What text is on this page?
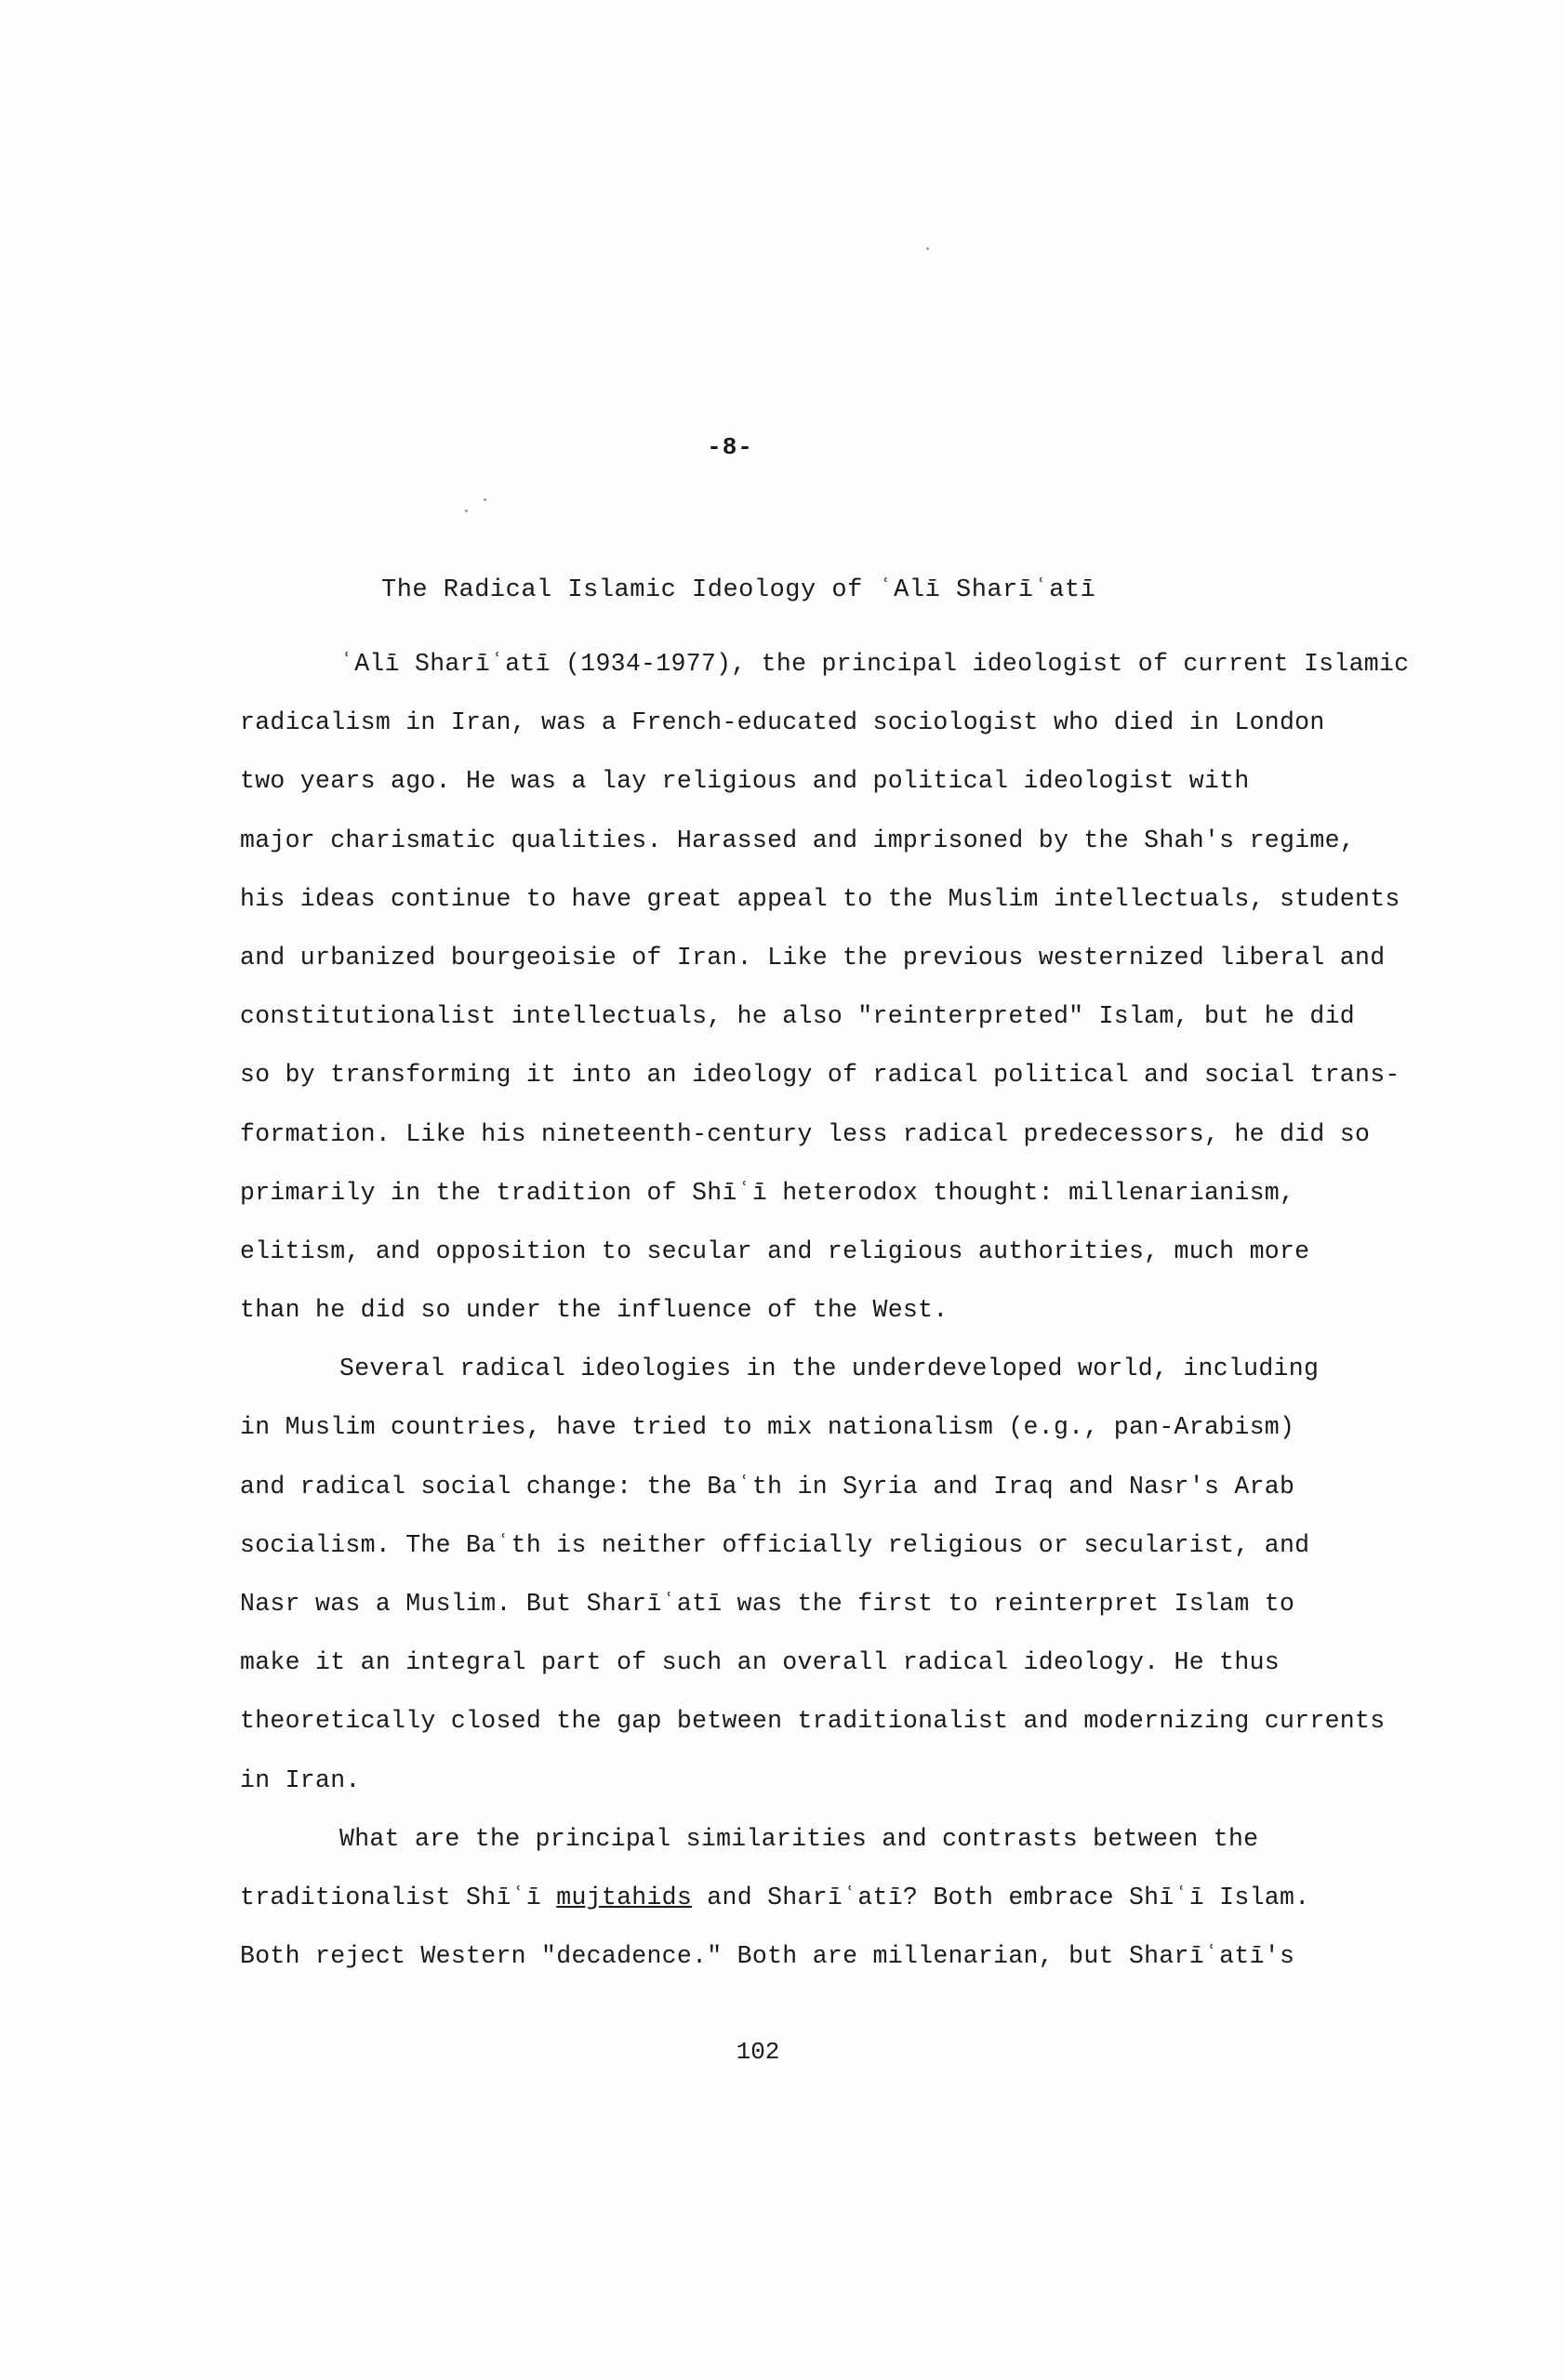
-8-
The Radical Islamic Ideology of ʿAlī Sharīʿatī
ʿAlī Sharīʿatī (1934-1977), the principal ideologist of current Islamic
radicalism in Iran, was a French-educated sociologist who died in London
two years ago. He was a lay religious and political ideologist with
major charismatic qualities. Harassed and imprisoned by the Shah's regime,
his ideas continue to have great appeal to the Muslim intellectuals, students
and urbanized bourgeoisie of Iran. Like the previous westernized liberal and
constitutionalist intellectuals, he also "reinterpreted" Islam, but he did
so by transforming it into an ideology of radical political and social trans-
formation. Like his nineteenth-century less radical predecessors, he did so
primarily in the tradition of Shīʿī heterodox thought: millenarianism,
elitism, and opposition to secular and religious authorities, much more
than he did so under the influence of the West.
Several radical ideologies in the underdeveloped world, including
in Muslim countries, have tried to mix nationalism (e.g., pan-Arabism)
and radical social change: the Baʿth in Syria and Iraq and Nasr's Arab
socialism. The Baʿth is neither officially religious or secularist, and
Nasr was a Muslim. But Sharīʿatī was the first to reinterpret Islam to
make it an integral part of such an overall radical ideology. He thus
theoretically closed the gap between traditionalist and modernizing currents
in Iran.
What are the principal similarities and contrasts between the
traditionalist Shīʿī mujtahids and Sharīʿatī? Both embrace Shīʿī Islam.
Both reject Western "decadence." Both are millenarian, but Sharīʿatī's
102
